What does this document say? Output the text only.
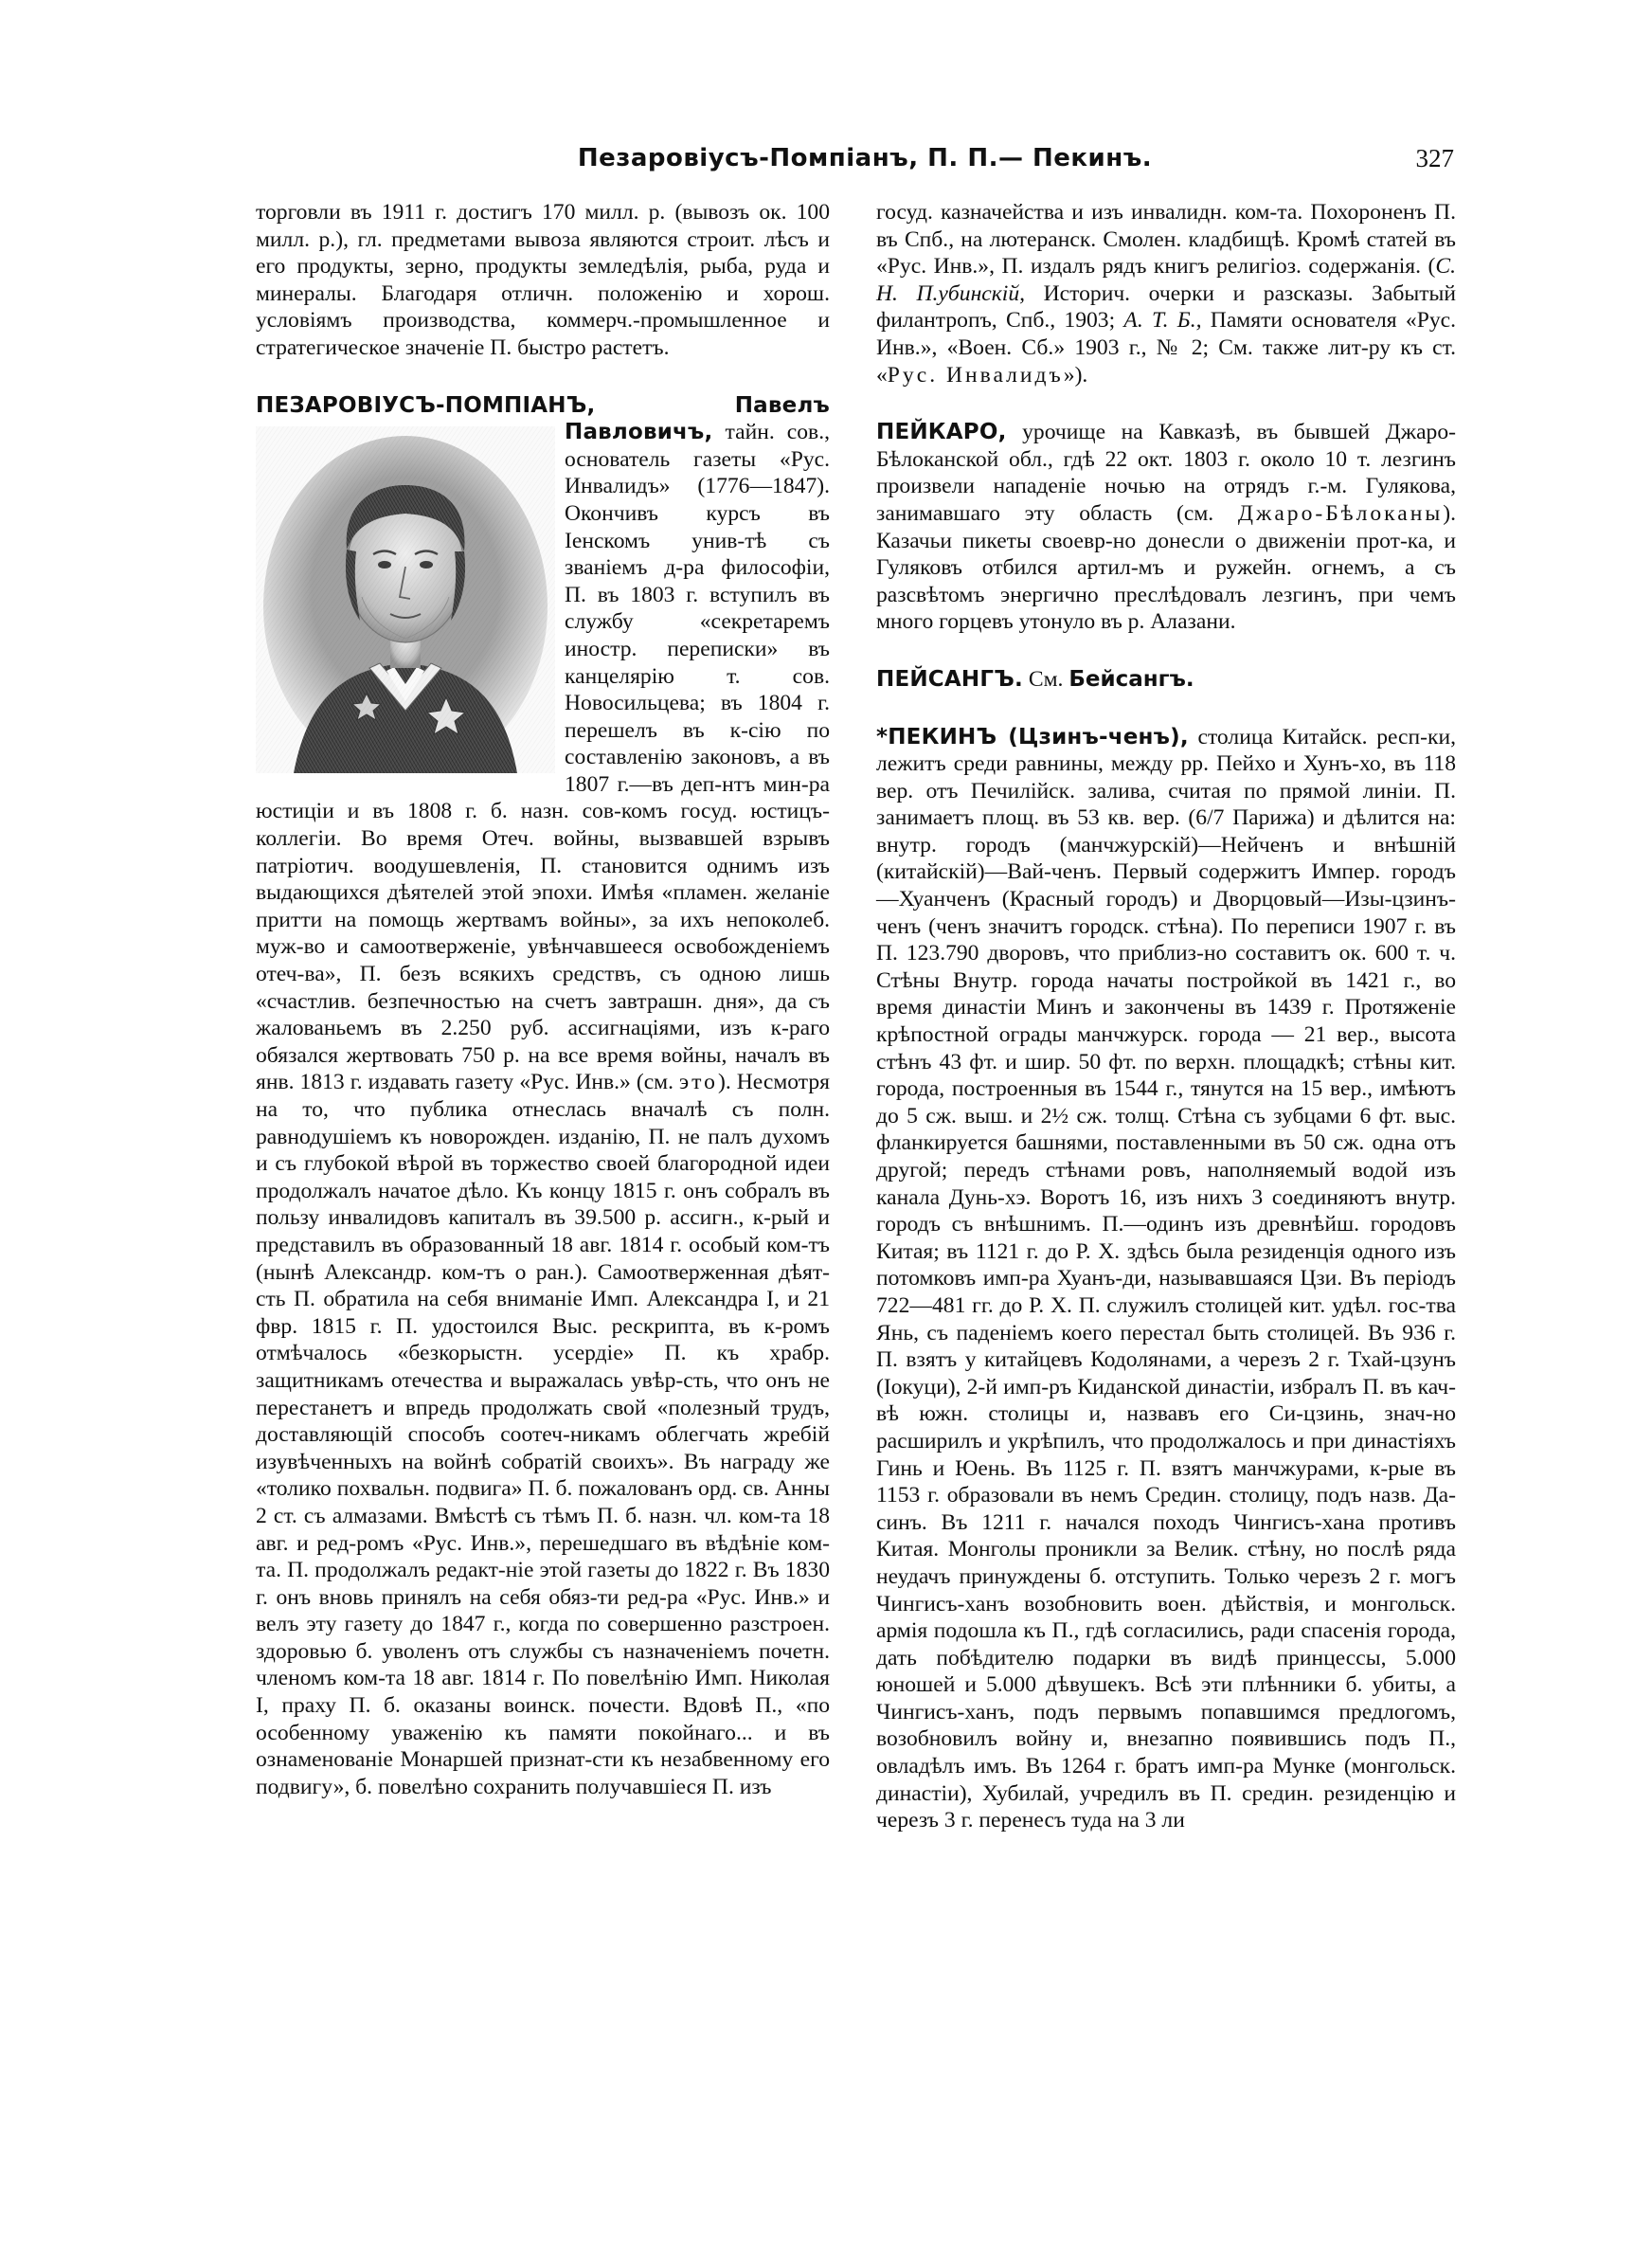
Пезаровiусъ-Помпiанъ, П. П.— Пекинъ.	327

торговли въ 1911 г. достигъ 170 милл. р. (вывозъ ок. 100 милл. р.), гл. предметами вывоза являются строит. лѣсъ и его продукты, зерно, продукты земледѣлiя, рыба, руда и минералы. Благодаря отличн. положенiю и хорош. условiямъ производства, коммерч.-промышленное и стратегическое значенiе П. быстро растетъ.

ПЕЗАРОВIУСЪ-ПОМПIАНЪ,	Павелъ Павловичъ,
тайн. сов., основатель газеты «Рус. Инвалидъ» (1776—1847). Окончивъ курсъ въ Iенскомъ унив-тѣ съ званiемъ д-ра философiи, П. въ 1803 г. вступилъ въ службу «секретаремъ иностр. переписки» въ канцелярiю т. сов. Новосильцева; въ 1804 г. перешелъ въ к-сiю по составленiю законовъ, а въ 1807 г.—въ деп-нтъ мин-ра юстицiи и въ 1808 г. б. назн. сов-комъ госуд. юстицъ-коллегiи. Во время Отеч. войны, вызвавшей взрывъ патрiотич. воодушевленiя, П. становится однимъ изъ выдающихся дѣятелей этой эпохи. Имѣя «пламен. желанiе притти на помощь жертвамъ войны», за ихъ непоколеб. муж-во и самоотверженiе, увѣнчавшееся освобожденiемъ отеч-ва», П. безъ всякихъ средствъ, съ одною лишь «счастлив. безпечностью на счетъ завтрашн. дня», да съ жалованьемъ въ 2.250 руб. ассигнацiями, изъ к-раго обязался жертвовать 750 р. на все время войны, началъ въ янв. 1813 г. издавать газету «Рус. Инв.» (см. это). Несмотря на то, что публика отнеслась вначалѣ съ полн. равнодушiемъ къ новорожден. изданiю, П. не палъ духомъ и съ глубокой вѣрой въ торжество своей благородной идеи продолжалъ начатое дѣло. Къ концу 1815 г. онъ собралъ въ пользу инвалидовъ капиталъ въ 39.500 р. ассигн., к-рый и представилъ въ образованный 18 авг. 1814 г. особый ком-тъ (нынѣ Александр. ком-тъ о ран.). Самоотверженная дѣят-сть П. обратила на себя вниманiе Имп. Александра I, и 21 фвр. 1815 г. П. удостоился Выс. рескрипта, въ к-ромъ отмѣчалось «безкорыстн. усердiе» П. къ храбр. защитникамъ отечества и выражалась увѣр-сть, что онъ не перестанетъ и впредь продолжать свой «полезный трудъ, доставляющiй способъ соотеч-никамъ облегчать жребiй изувѣченныхъ на войнѣ собратiй своихъ». Въ награду же «толико похвальн. подвига» П. б. пожалованъ орд. св. Анны 2 ст. съ алмазами. Вмѣстѣ съ тѣмъ П. б. назн. чл. ком-та 18 авг. и ред-ромъ «Рус. Инв.», перешедшаго въ вѣдѣнiе ком-та. П. продолжалъ редакт-нiе этой газеты до 1822 г. Въ 1830 г. онъ вновь принялъ на себя обяз-ти ред-ра «Рус. Инв.» и велъ эту газету до 1847 г., когда по совершенно разстроен. здоровью б. уволенъ отъ службы съ назначенiемъ почетн. членомъ ком-та 18 авг. 1814 г. По повелѣнiю Имп. Николая I, праху П. б. оказаны воинск. почести. Вдовѣ П., «по особенному уваженiю къ памяти покойнаго... и въ ознаменованiе Монаршей признат-сти къ незабвенному его подвигу», б. повелѣно сохранить получавшiеся П. изъ

госуд. казначейства и изъ инвалидн. ком-та. Похороненъ П. въ Спб., на лютеранск. Смолен. кладбищѣ. Кромѣ статей въ «Рус. Инв.», П. издалъ рядъ книгъ религiоз. содержанiя. (С. Н. П.убинскiй, Историч. очерки и разсказы. Забытый филантропъ, Спб., 1903; А. Т. Б., Памяти основателя «Рус. Инв.», «Воен. Сб.» 1903 г., № 2; См. также лит-ру къ ст. «Рус. Инвалидъ»).

ПЕЙКАРО, урочище на Кавказѣ, въ бывшей Джаро-Бѣлоканской обл., гдѣ 22 окт. 1803 г. около 10 т. лезгинъ произвели нападенiе ночью на отрядъ г.-м. Гулякова, занимавшаго эту область (см. Джаро-Бѣлоканы). Казачьи пикеты своевр-но донесли о движенiи прот-ка, и Гуляковъ отбился артил-мъ и ружейн. огнемъ, а съ разсвѣтомъ энергично преслѣдовалъ лезгинъ, при чемъ много горцевъ утонуло въ р. Алазани.

ПЕЙСАНГЪ. См. Бейсангъ.

*ПЕКИНЪ (Цзинъ-ченъ), столица Китайск. респ-ки, лежитъ среди равнины, между рр. Пейхо и Хунъ-хо, въ 118 вер. отъ Печилiйск. залива, считая по прямой линiи. П. занимаетъ площ. въ 53 кв. вер. (6/7 Парижа) и дѣлится на: внутр. городъ (манчжурскiй)—Нейченъ и внѣшнiй (китайскiй)—Вай-ченъ. Первый содержитъ Импер. городъ—Хуанченъ (Красный городъ) и Дворцовый—Изы-цзинъ-ченъ (ченъ значитъ городск. стѣна). По переписи 1907 г. въ П. 123.790 дворовъ, что приблиз-но составитъ ок. 600 т. ч. Стѣны Внутр. города начаты постройкой въ 1421 г., во время династiи Минъ и закончены въ 1439 г. Протяженiе крѣпостной ограды манчжурск. города — 21 вер., высота стѣнъ 43 фт. и шир. 50 фт. по верхн. площадкѣ; стѣны кит. города, построенныя въ 1544 г., тянутся на 15 вер., имѣютъ до 5 сж. выш. и 2½ сж. толщ. Стѣна съ зубцами 6 фт. выс. фланкируется башнями, поставленными въ 50 сж. одна отъ другой; передъ стѣнами ровъ, наполняемый водой изъ канала Дунь-хэ. Воротъ 16, изъ нихъ 3 соединяютъ внутр. городъ съ внѣшнимъ. П.—одинъ изъ древнѣйш. городовъ Китая; въ 1121 г. до Р. Х. здѣсь была резиденцiя одного изъ потомковъ имп-ра Хуанъ-ди, называвшаяся Цзи. Въ перiодъ 722—481 гг. до Р. Х. П. служилъ столицей кит. удѣл. гос-тва Янь, съ паденiемъ коего перестал быть столицей. Въ 936 г. П. взятъ у китайцевъ Кодолянами, а черезъ 2 г. Тхай-цзунъ (Iокуци), 2-й имп-ръ Киданской династiи, избралъ П. въ кач-вѣ южн. столицы и, назвавъ его Си-цзинь, знач-но расширилъ и укрѣпилъ, что продолжалось и при династiяхъ Гинь и Юень. Въ 1125 г. П. взятъ манчжурами, к-рые въ 1153 г. образовали въ немъ Средин. столицу, подъ назв. Да-синъ. Въ 1211 г. начался походъ Чингисъ-хана противъ Китая. Монголы проникли за Велик. стѣну, но послѣ ряда неудачъ принуждены б. отступить. Только черезъ 2 г. могъ Чингисъ-ханъ возобновить воен. дѣйствiя, и монгольск. армiя подошла къ П., гдѣ согласились, ради спасенiя города, дать побѣдителю подарки въ видѣ принцессы, 5.000 юношей и 5.000 дѣвушекъ. Всѣ эти плѣнники б. убиты, а Чингисъ-ханъ, подъ первымъ попавшимся предлогомъ, возобновилъ войну и, внезапно появившись подъ П., овладѣлъ имъ. Въ 1264 г. братъ имп-ра Мунке (монгольск. династiи), Хубилай, учредилъ въ П. средин. резиденцiю и черезъ 3 г. перенесъ туда на 3 ли
